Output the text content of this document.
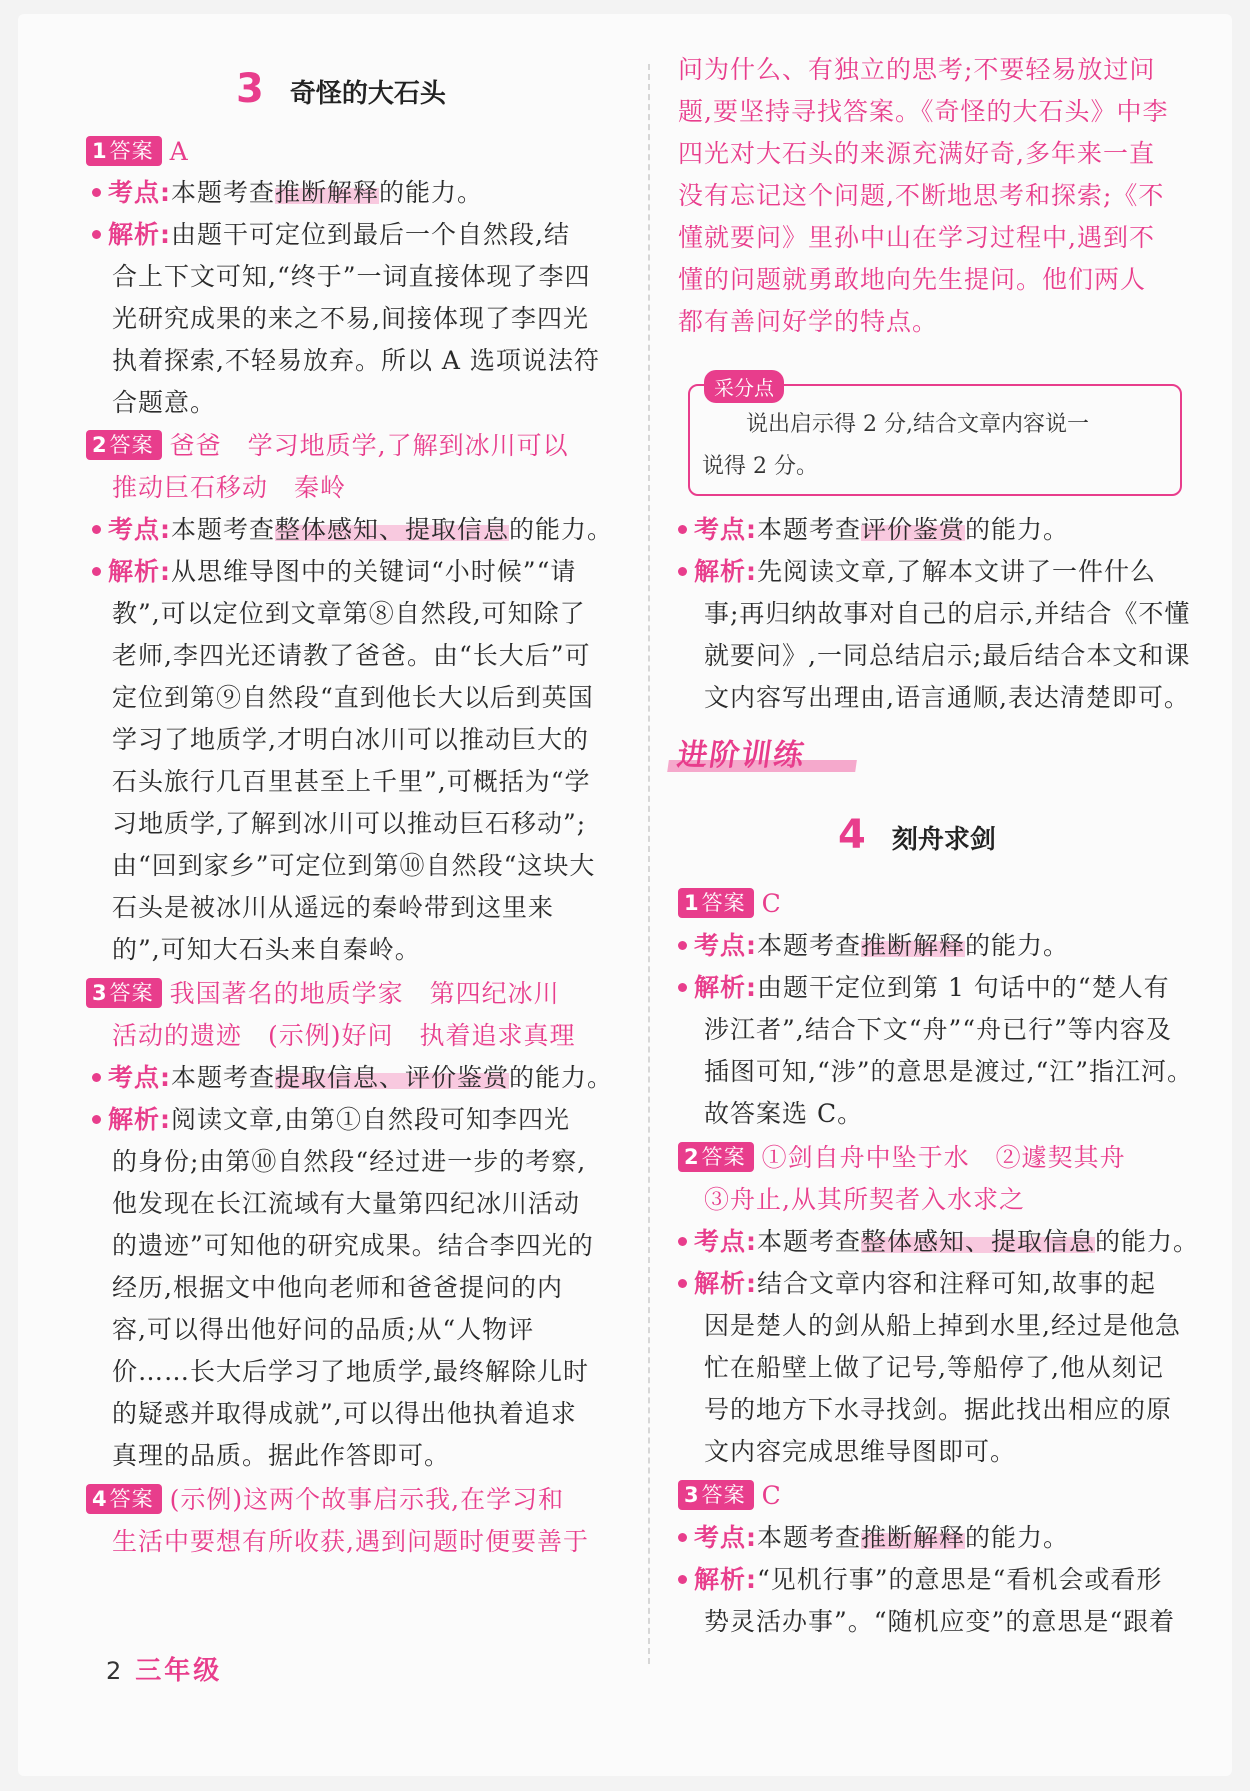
3 奇怪的大石头
1答案 A
考点:本题考查推断解释的能力。
解析:由题干可定位到最后一个自然段,结
合上下文可知,“终于”一词直接体现了李四
光研究成果的来之不易,间接体现了李四光
执着探索,不轻易放弃。所以 A 选项说法符
合题意。
2答案 爸爸　学习地质学,了解到冰川可以
推动巨石移动　秦岭
考点:本题考查整体感知、提取信息的能力。
解析:从思维导图中的关键词“小时候”“请
教”,可以定位到文章第⑧自然段,可知除了
老师,李四光还请教了爸爸。由“长大后”可
定位到第⑨自然段“直到他长大以后到英国
学习了地质学,才明白冰川可以推动巨大的
石头旅行几百里甚至上千里”,可概括为“学
习地质学,了解到冰川可以推动巨石移动”;
由“回到家乡”可定位到第⑩自然段“这块大
石头是被冰川从遥远的秦岭带到这里来
的”,可知大石头来自秦岭。
3答案 我国著名的地质学家　第四纪冰川
活动的遗迹　(示例)好问　执着追求真理
考点:本题考查提取信息、评价鉴赏的能力。
解析:阅读文章,由第①自然段可知李四光
的身份;由第⑩自然段“经过进一步的考察,
他发现在长江流域有大量第四纪冰川活动
的遗迹”可知他的研究成果。结合李四光的
经历,根据文中他向老师和爸爸提问的内
容,可以得出他好问的品质;从“人物评
价……长大后学习了地质学,最终解除儿时
的疑惑并取得成就”,可以得出他执着追求
真理的品质。据此作答即可。
4答案 (示例)这两个故事启示我,在学习和
生活中要想有所收获,遇到问题时便要善于
问为什么、有独立的思考;不要轻易放过问
题,要坚持寻找答案。《奇怪的大石头》中李
四光对大石头的来源充满好奇,多年来一直
没有忘记这个问题,不断地思考和探索;《不
懂就要问》里孙中山在学习过程中,遇到不
懂的问题就勇敢地向先生提问。他们两人
都有善问好学的特点。
采分点
说出启示得 2 分,结合文章内容说一
说得 2 分。
考点:本题考查评价鉴赏的能力。
解析:先阅读文章,了解本文讲了一件什么
事;再归纳故事对自己的启示,并结合《不懂
就要问》,一同总结启示;最后结合本文和课
文内容写出理由,语言通顺,表达清楚即可。
进阶训练
4 刻舟求剑
1答案 C
考点:本题考查推断解释的能力。
解析:由题干定位到第 1 句话中的“楚人有
涉江者”,结合下文“舟”“舟已行”等内容及
插图可知,“涉”的意思是渡过,“江”指江河。
故答案选 C。
2答案 ①剑自舟中坠于水　②遽契其舟
③舟止,从其所契者入水求之
考点:本题考查整体感知、提取信息的能力。
解析:结合文章内容和注释可知,故事的起
因是楚人的剑从船上掉到水里,经过是他急
忙在船壁上做了记号,等船停了,他从刻记
号的地方下水寻找剑。据此找出相应的原
文内容完成思维导图即可。
3答案 C
考点:本题考查推断解释的能力。
解析:“见机行事”的意思是“看机会或看形
势灵活办事”。“随机应变”的意思是“跟着
2 三年级
